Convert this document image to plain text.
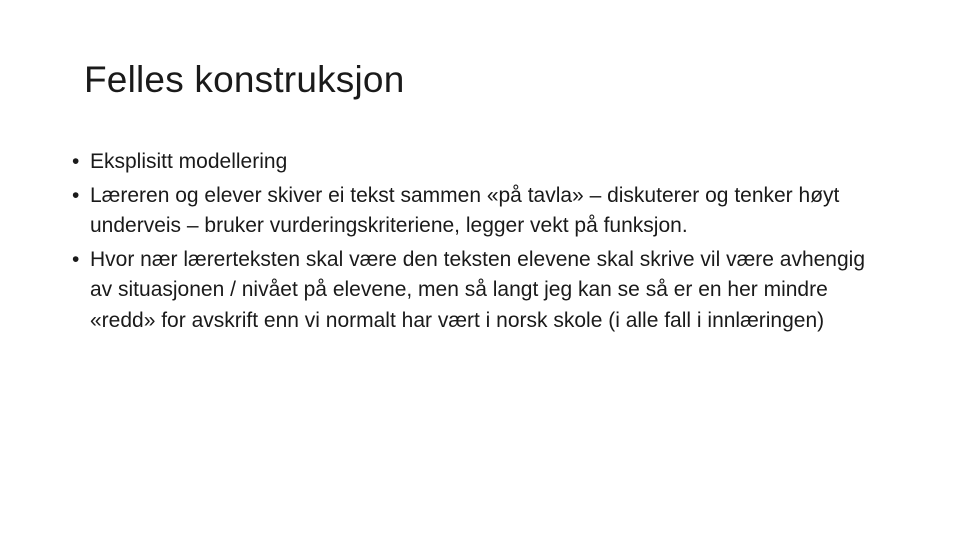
Felles konstruksjon
• Eksplisitt modellering
• Læreren og elever skiver ei tekst sammen «på tavla» – diskuterer og tenker høyt underveis – bruker vurderingskriteriene, legger vekt på funksjon.
• Hvor nær lærerteksten skal være den teksten elevene skal skrive vil være avhengig av situasjonen / nivået på elevene, men så langt jeg kan se så er en her mindre «redd» for avskrift enn vi normalt har vært i norsk skole (i alle fall i innlæringen)
